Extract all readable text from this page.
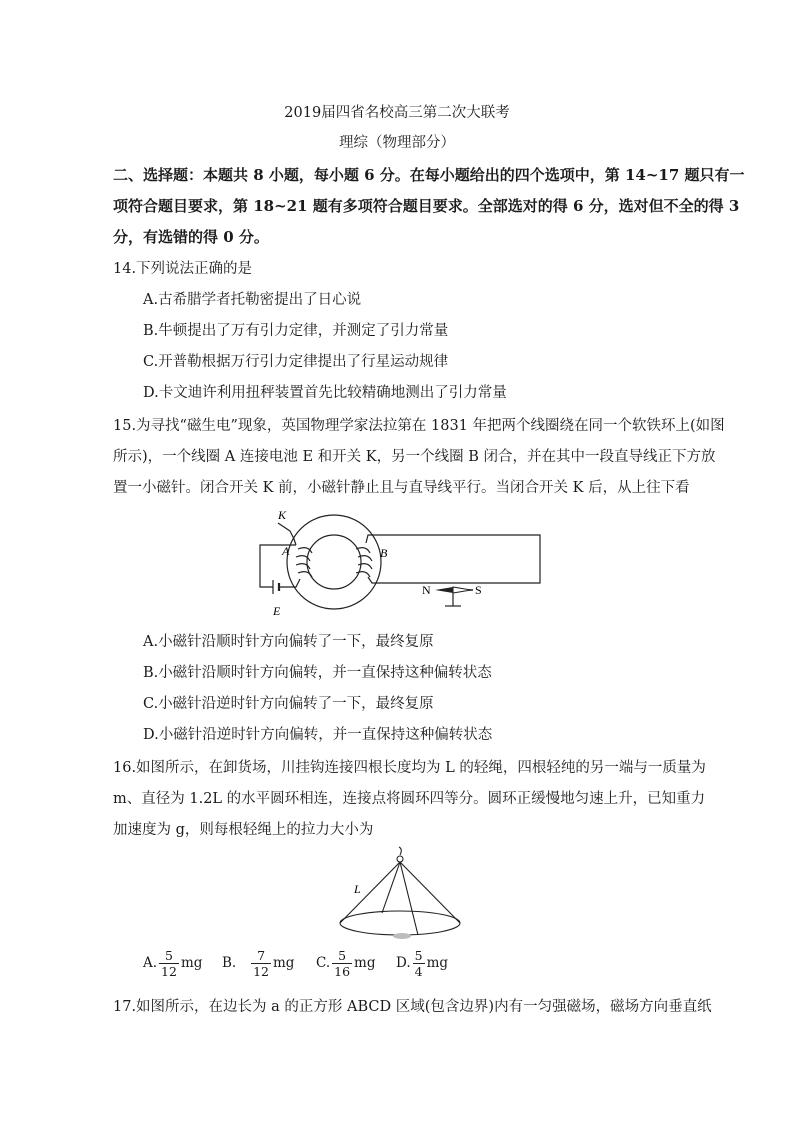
2019届四省名校高三第二次大联考
理综（物理部分）
二、选择题：本题共 8 小题，每小题 6 分。在每小题给出的四个选项中，第 14~17 题只有一
项符合题目要求，第 18~21 题有多项符合题目要求。全部选对的得 6 分，选对但不全的得 3
分，有选错的得 0 分。
14.下列说法正确的是
A.古希腊学者托勒密提出了日心说
B.牛顿提出了万有引力定律，并测定了引力常量
C.开普勒根据万行引力定律提出了行星运动规律
D.卡文迪许利用扭秤装置首先比较精确地测出了引力常量
15.为寻找“磁生电”现象，英国物理学家法拉第在 1831 年把两个线圈绕在同一个软铁环上(如图
所示)，一个线圈 A 连接电池 E 和开关 K，另一个线圈 B 闭合，并在其中一段直导线正下方放
置一小磁针。闭合开关 K 前，小磁针静止且与直导线平行。当闭合开关 K 后，从上往下看
K
A	B
E
N	S
A.小磁针沿顺时针方向偏转了一下，最终复原
B.小磁针沿顺时针方向偏转，并一直保持这种偏转状态
C.小磁针沿逆时针方向偏转了一下，最终复原
D.小磁针沿逆时针方向偏转，并一直保持这种偏转状态
16.如图所示，在卸货场，川挂钩连接四根长度均为 L 的轻绳，四根轻纯的另一端与一质量为
m、直径为 1.2L 的水平圆环相连，连接点将圆环四等分。圆环正缓慢地匀速上升，已知重力
加速度为 g，则每根轻绳上的拉力大小为
L
A. $\frac{5}{12}$ mg B. $\frac{7}{12}$ mg C. $\frac{5}{16}$ mg D. $\frac{5}{4}$ mg
17.如图所示，在边长为 a 的正方形 ABCD 区域(包含边界)内有一匀强磁场，磁场方向垂直纸
